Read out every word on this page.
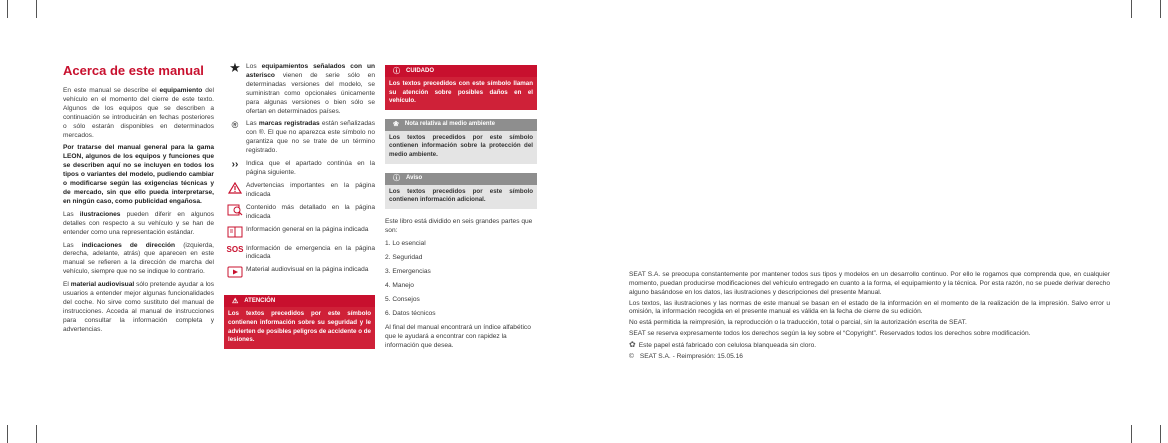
Acerca de este manual

En este manual se describe el equipamiento del vehículo en el momento del cierre de este texto. Algunos de los equipos que se describen a continuación se introducirán en fechas posteriores o sólo estarán disponibles en determinados mercados.

Por tratarse del manual general para la gama LEON, algunos de los equipos y funciones que se describen aquí no se incluyen en todos los tipos o variantes del modelo, pudiendo cambiar o modificarse según las exigencias técnicas y de mercado, sin que ello pueda interpretarse, en ningún caso, como publicidad engañosa.

Las ilustraciones pueden diferir en algunos detalles con respecto a su vehículo y se han de entender como una representación estándar.

Las indicaciones de dirección (izquierda, derecha, adelante, atrás) que aparecen en este manual se refieren a la dirección de marcha del vehículo, siempre que no se indique lo contrario.

El material audiovisual sólo pretende ayudar a los usuarios a entender mejor algunas funcionalidades del coche. No sirve como sustituto del manual de instrucciones. Acceda al manual de instrucciones para consultar la información completa y advertencias.

★ Los equipamientos señalados con un asterisco vienen de serie sólo en determinadas versiones del modelo, se suministran como opcionales únicamente para algunas versiones o bien sólo se ofertan en determinados países.
®	Las marcas registradas están señalizadas con ®. El que no aparezca este símbolo no garantiza que no se trate de un término registrado.
››	Indica que el apartado continúa en la página siguiente.
Advertencias importantes en la página indicada
Contenido más detallado en la página indicada
Información general en la página indicada
SOS Información de emergencia en la página indicada
Material audiovisual en la página indicada
⚠ ATENCIÓN
Los textos precedidos por este símbolo contienen información sobre su seguridad y le advierten de posibles peligros de accidente o de lesiones.
ⓘ CUIDADO
Los textos precedidos con este símbolo llaman su atención sobre posibles daños en el vehículo.
❀ Nota relativa al medio ambiente
Los textos precedidos por este símbolo contienen información sobre la protección del medio ambiente.
ⓘ Aviso
Los textos precedidos por este símbolo contienen información adicional.

Este libro está dividido en seis grandes partes que son:

1. Lo esencial

2. Seguridad

3. Emergencias

4. Manejo

5. Consejos

6. Datos técnicos

Al final del manual encontrará un índice alfabético que le ayudará a encontrar con rapidez la información que desea.

SEAT S.A. se preocupa constantemente por mantener todos sus tipos y modelos en un desarrollo continuo. Por ello le rogamos que comprenda que, en cualquier momento, puedan producirse modificaciones del vehículo entregado en cuanto a la forma, el equipamiento y la técnica. Por esta razón, no se puede derivar derecho alguno basándose en los datos, las ilustraciones y descripciones del presente Manual.

Los textos, las ilustraciones y las normas de este manual se basan en el estado de la información en el momento de la realización de la impresión. Salvo error u omisión, la información recogida en el presente manual es válida en la fecha de cierre de su edición.

No está permitida la reimpresión, la reproducción o la traducción, total o parcial, sin la autorización escrita de SEAT.

SEAT se reserva expresamente todos los derechos según la ley sobre el “Copyright”. Reservados todos los derechos sobre modificación.

✿ Este papel está fabricado con celulosa blanqueada sin cloro.

© SEAT S.A. - Reimpresión: 15.05.16
